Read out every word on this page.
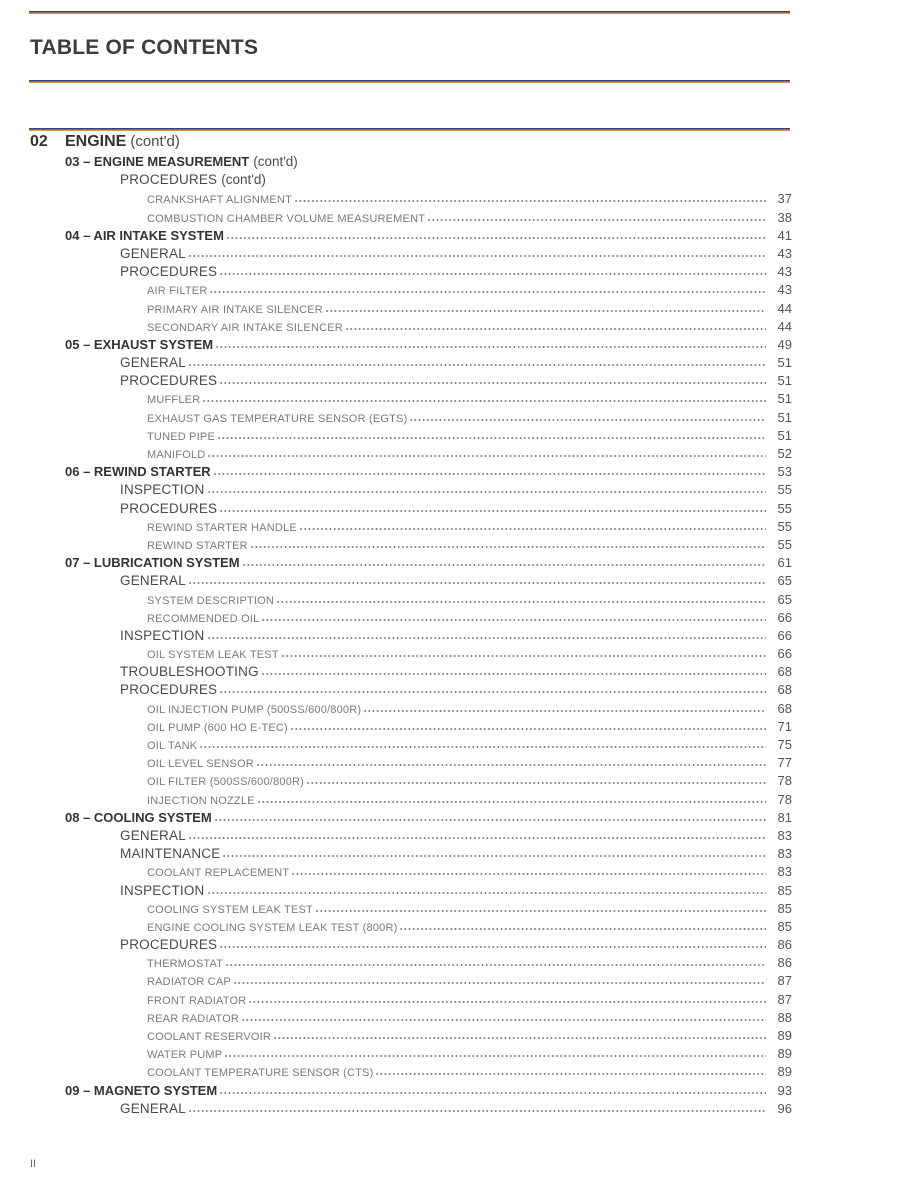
TABLE OF CONTENTS
02 ENGINE (cont'd)
03 – ENGINE MEASUREMENT (cont'd)
PROCEDURES (cont'd)
CRANKSHAFT ALIGNMENT	37
COMBUSTION CHAMBER VOLUME MEASUREMENT	38
04 – AIR INTAKE SYSTEM	41
GENERAL	43
PROCEDURES	43
AIR FILTER	43
PRIMARY AIR INTAKE SILENCER	44
SECONDARY AIR INTAKE SILENCER	44
05 – EXHAUST SYSTEM	49
GENERAL	51
PROCEDURES	51
MUFFLER	51
EXHAUST GAS TEMPERATURE SENSOR (EGTS)	51
TUNED PIPE	51
MANIFOLD	52
06 – REWIND STARTER	53
INSPECTION	55
PROCEDURES	55
REWIND STARTER HANDLE	55
REWIND STARTER	55
07 – LUBRICATION SYSTEM	61
GENERAL	65
SYSTEM DESCRIPTION	65
RECOMMENDED OIL	66
INSPECTION	66
OIL SYSTEM LEAK TEST	66
TROUBLESHOOTING	68
PROCEDURES	68
OIL INJECTION PUMP (500SS/600/800R)	68
OIL PUMP (600 HO E-TEC)	71
OIL TANK	75
OIL LEVEL SENSOR	77
OIL FILTER (500SS/600/800R)	78
INJECTION NOZZLE	78
08 – COOLING SYSTEM	81
GENERAL	83
MAINTENANCE	83
COOLANT REPLACEMENT	83
INSPECTION	85
COOLING SYSTEM LEAK TEST	85
ENGINE COOLING SYSTEM LEAK TEST (800R)	85
PROCEDURES	86
THERMOSTAT	86
RADIATOR CAP	87
FRONT RADIATOR	87
REAR RADIATOR	88
COOLANT RESERVOIR	89
WATER PUMP	89
COOLANT TEMPERATURE SENSOR (CTS)	89
09 – MAGNETO SYSTEM	93
GENERAL	96
II
